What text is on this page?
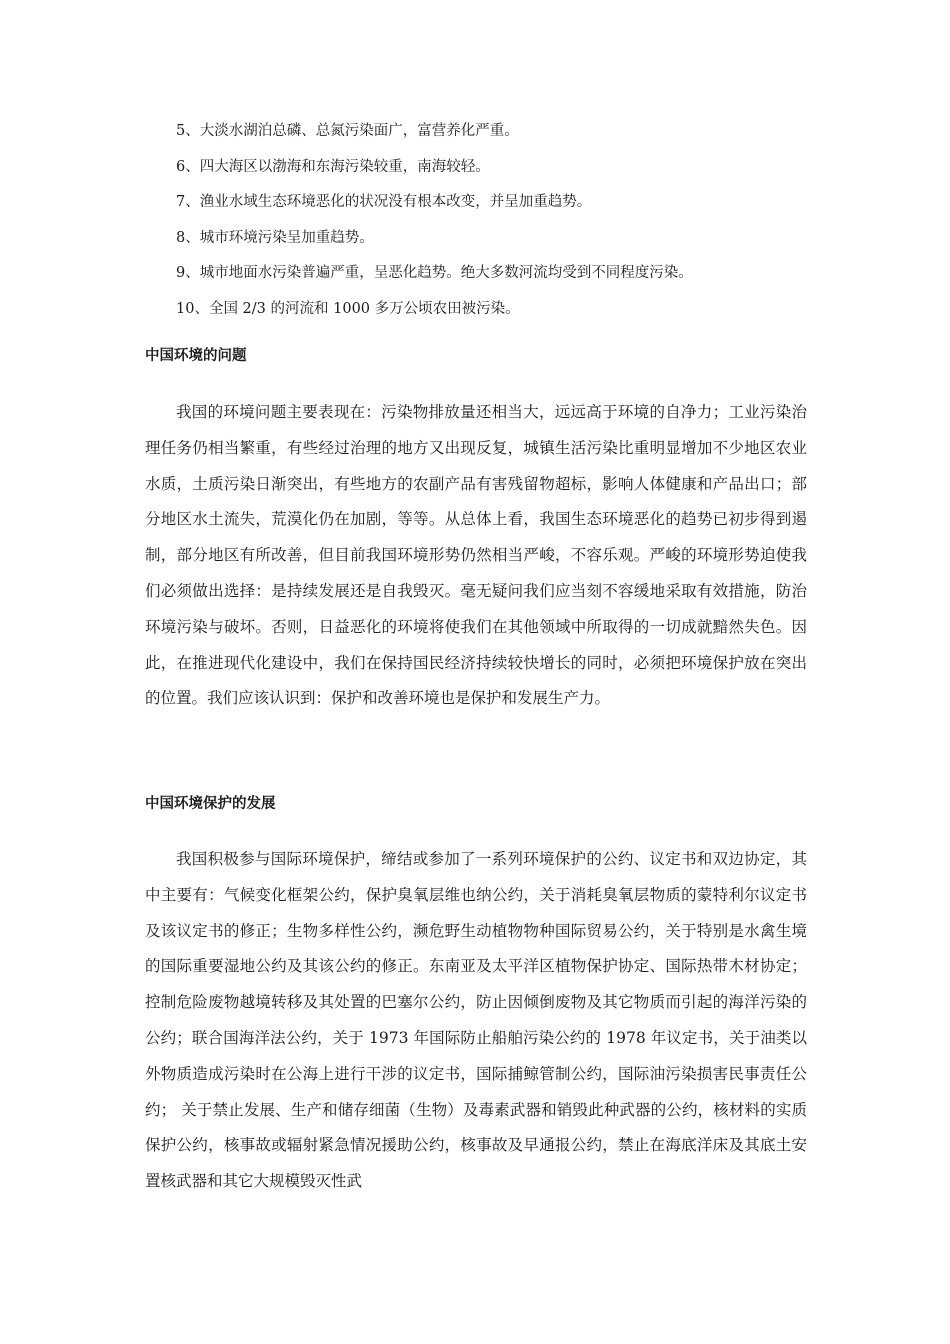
5、大淡水湖泊总磷、总氮污染面广，富营养化严重。
6、四大海区以渤海和东海污染较重，南海较轻。
7、渔业水域生态环境恶化的状况没有根本改变，并呈加重趋势。
8、城市环境污染呈加重趋势。
9、城市地面水污染普遍严重，呈恶化趋势。绝大多数河流均受到不同程度污染。
10、全国 2/3 的河流和 1000 多万公顷农田被污染。
中国环境的问题

我国的环境问题主要表现在：污染物排放量还相当大，远远高于环境的自净力；工业污染治理任务仍相当繁重，有些经过治理的地方又出现反复，城镇生活污染比重明显增加不少地区农业水质，土质污染日渐突出，有些地方的农副产品有害残留物超标，影响人体健康和产品出口；部分地区水土流失，荒漠化仍在加剧，等等。从总体上看，我国生态环境恶化的趋势已初步得到遏制，部分地区有所改善，但目前我国环境形势仍然相当严峻，不容乐观。严峻的环境形势迫使我们必须做出选择：是持续发展还是自我毁灭。毫无疑问我们应当刻不容缓地采取有效措施，防治环境污染与破坏。否则，日益恶化的环境将使我们在其他领域中所取得的一切成就黯然失色。因此，在推进现代化建设中，我们在保持国民经济持续较快增长的同时，必须把环境保护放在突出的位置。我们应该认识到：保护和改善环境也是保护和发展生产力。

中国环境保护的发展

我国积极参与国际环境保护，缔结或参加了一系列环境保护的公约、议定书和双边协定，其中主要有：气候变化框架公约，保护臭氧层维也纳公约，关于消耗臭氧层物质的蒙特利尔议定书及该议定书的修正；生物多样性公约，濒危野生动植物物种国际贸易公约，关于特别是水禽生境的国际重要湿地公约及其该公约的修正。东南亚及太平洋区植物保护协定、国际热带木材协定； 控制危险废物越境转移及其处置的巴塞尔公约，防止因倾倒废物及其它物质而引起的海洋污染的公约；联合国海洋法公约，关于 1973 年国际防止船舶污染公约的 1978 年议定书，关于油类以外物质造成污染时在公海上进行干涉的议定书，国际捕鲸管制公约，国际油污染损害民事责任公约； 关于禁止发展、生产和储存细菌（生物）及毒素武器和销毁此种武器的公约，核材料的实质保护公约，核事故或辐射紧急情况援助公约，核事故及早通报公约，禁止在海底洋床及其底土安置核武器和其它大规模毁灭性武
